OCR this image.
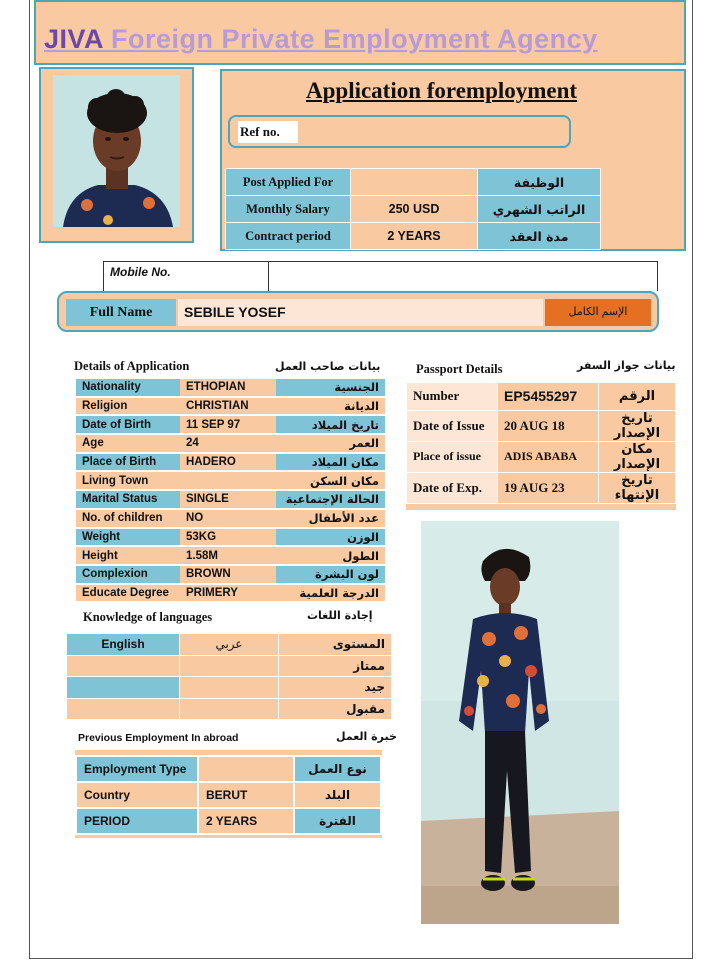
JIVA Foreign Private Employment Agency
Application foremployment
Ref no.
Post Applied For		الوظيفة
Monthly Salary	250 USD	الراتب الشهري
Contract period	2 YEARS	مدة العقد
Mobile No.
Full Name	SEBILE YOSEF	الإسم الكامل
Details of Application	بيانات صاحب العمل
Nationality	ETHOPIAN	الجنسية
Religion	CHRISTIAN	الديانة
Date of Birth	11 SEP 97	تاريخ الميلاد
Age	24	العمر
Place of Birth	HADERO	مكان الميلاد
Living Town		مكان السكن
Marital Status	SINGLE	الحالة الإجتماعية
No. of children	NO	عدد الأطفال
Weight	53KG	الوزن
Height	1.58M	الطول
Complexion	BROWN	لون البشرة
Educate Degree	PRIMERY	الدرجة العلمية
Passport Details	بيانات جواز السفر
Number	EP5455297	الرقم
Date of Issue	20 AUG 18	تاريخ الإصدار
Place of issue	ADIS ABABA	مكان الإصدار
Date of Exp.	19 AUG 23	تاريخ الإنتهاء
Knowledge of languages	إجادة اللغات
English	عربي	المستوى
		ممتاز
		جيد
		مقبول
Previous Employment In abroad	خبرة العمل
Employment Type		نوع العمل
Country	BERUT	البلد
PERIOD	2 YEARS	الفترة
